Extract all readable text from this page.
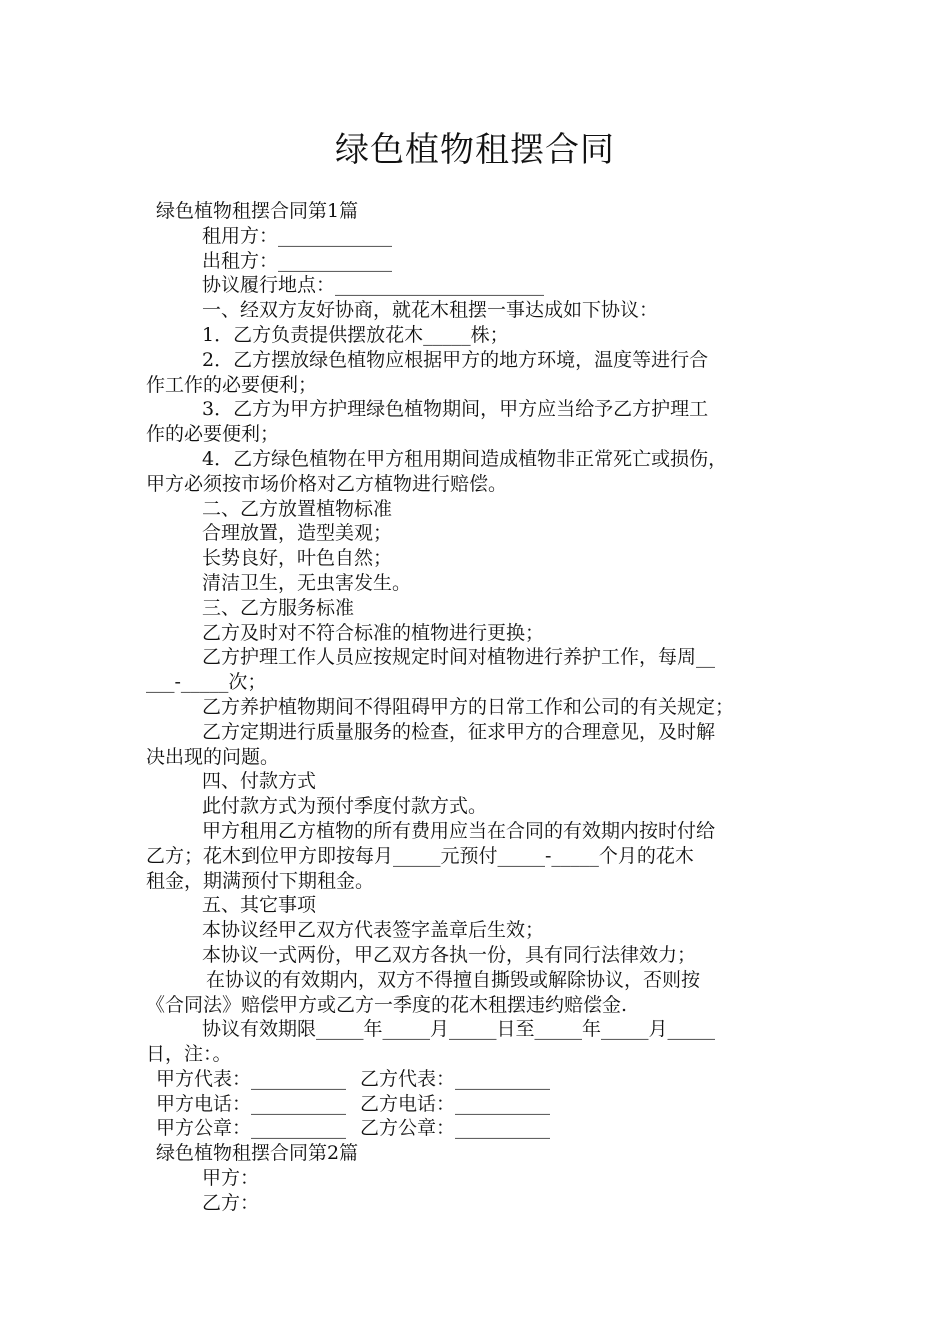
绿色植物租摆合同
绿色植物租摆合同第1篇
租用方：____________
出租方：____________
协议履行地点：______________________
一、经双方友好协商，就花木租摆一事达成如下协议：
1．乙方负责提供摆放花木_____株；
2．乙方摆放绿色植物应根据甲方的地方环境，温度等进行合
作工作的必要便利；
3．乙方为甲方护理绿色植物期间，甲方应当给予乙方护理工
作的必要便利；
4．乙方绿色植物在甲方租用期间造成植物非正常死亡或损伤，
甲方必须按市场价格对乙方植物进行赔偿。
二、乙方放置植物标准
合理放置，造型美观；
长势良好，叶色自然；
清洁卫生，无虫害发生。
三、乙方服务标准
乙方及时对不符合标准的植物进行更换；
乙方护理工作人员应按规定时间对植物进行养护工作，每周__
___-_____次；
乙方养护植物期间不得阻碍甲方的日常工作和公司的有关规定；
乙方定期进行质量服务的检查，征求甲方的合理意见，及时解
决出现的问题。
四、付款方式
此付款方式为预付季度付款方式。
甲方租用乙方植物的所有费用应当在合同的有效期内按时付给
乙方；花木到位甲方即按每月_____元预付_____-_____个月的花木
租金，期满预付下期租金。
五、其它事项
本协议经甲乙双方代表签字盖章后生效；
本协议一式两份，甲乙双方各执一份，具有同行法律效力；
在协议的有效期内，双方不得擅自撕毁或解除协议，否则按
《合同法》赔偿甲方或乙方一季度的花木租摆违约赔偿金.
协议有效期限_____年_____月_____日至_____年_____月_____
日，注：。
甲方代表：__________ 乙方代表：__________
甲方电话：__________ 乙方电话：__________
甲方公章：__________ 乙方公章：__________
绿色植物租摆合同第2篇
甲方：
乙方：
